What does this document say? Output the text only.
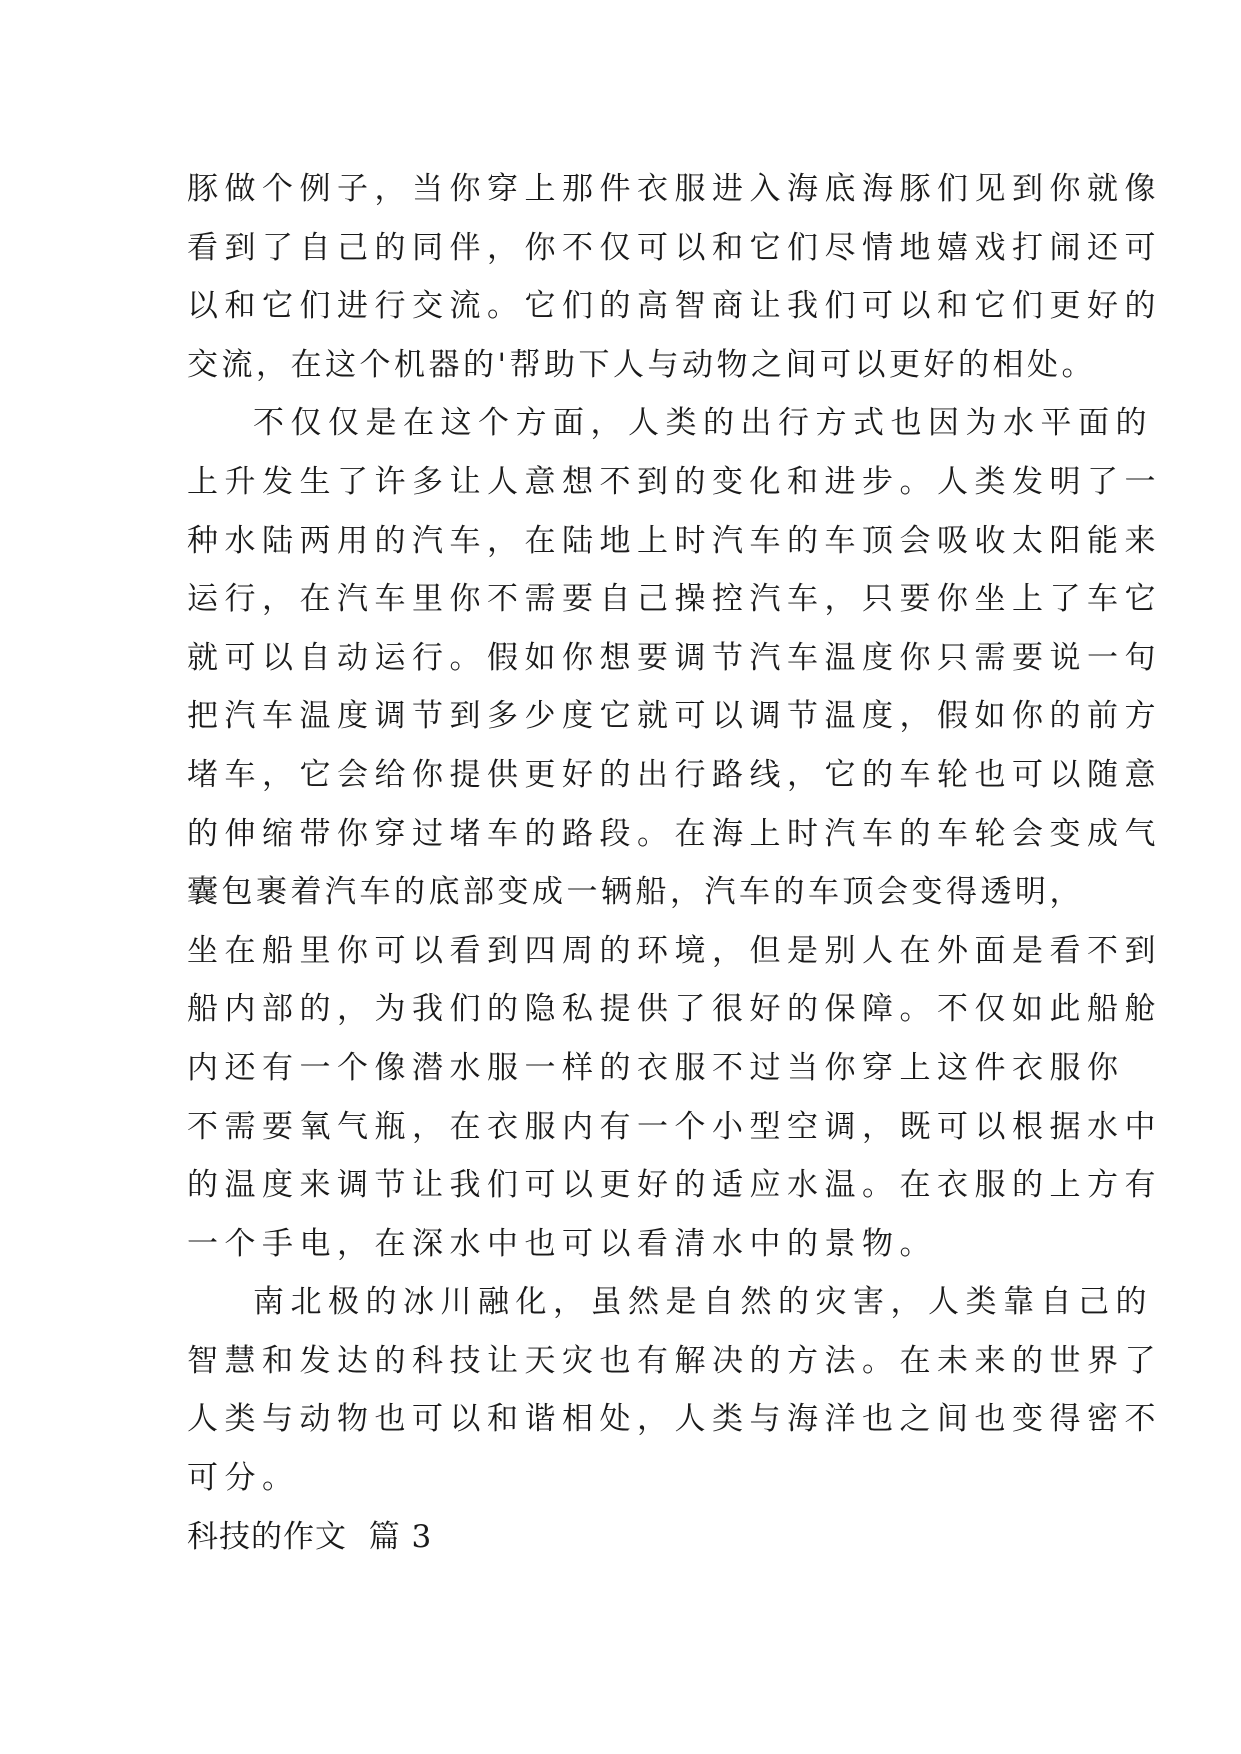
豚做个例子，当你穿上那件衣服进入海底海豚们见到你就像
看到了自己的同伴，你不仅可以和它们尽情地嬉戏打闹还可
以和它们进行交流。它们的高智商让我们可以和它们更好的
交流，在这个机器的'帮助下人与动物之间可以更好的相处。
不仅仅是在这个方面，人类的出行方式也因为水平面的
上升发生了许多让人意想不到的变化和进步。人类发明了一
种水陆两用的汽车，在陆地上时汽车的车顶会吸收太阳能来
运行，在汽车里你不需要自己操控汽车，只要你坐上了车它
就可以自动运行。假如你想要调节汽车温度你只需要说一句
把汽车温度调节到多少度它就可以调节温度，假如你的前方
堵车，它会给你提供更好的出行路线，它的车轮也可以随意
的伸缩带你穿过堵车的路段。在海上时汽车的车轮会变成气
囊包裹着汽车的底部变成一辆船，汽车的车顶会变得透明，
坐在船里你可以看到四周的环境，但是别人在外面是看不到
船内部的，为我们的隐私提供了很好的保障。不仅如此船舱
内还有一个像潜水服一样的衣服不过当你穿上这件衣服你
不需要氧气瓶，在衣服内有一个小型空调，既可以根据水中
的温度来调节让我们可以更好的适应水温。在衣服的上方有
一个手电，在深水中也可以看清水中的景物。
南北极的冰川融化，虽然是自然的灾害，人类靠自己的
智慧和发达的科技让天灾也有解决的方法。在未来的世界了
人类与动物也可以和谐相处，人类与海洋也之间也变得密不
可分。
科技的作文  篇 3
